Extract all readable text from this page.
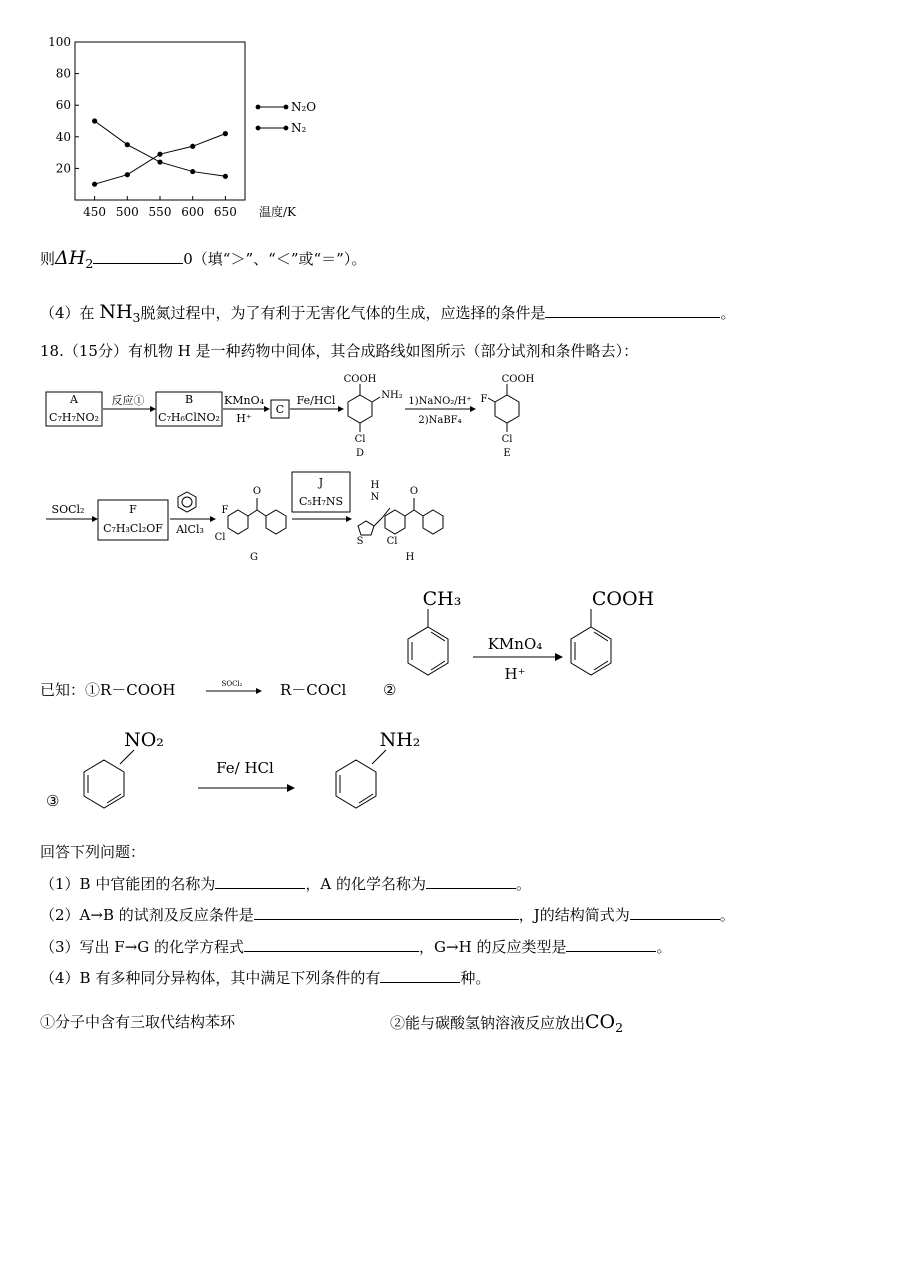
20
40
60
80
100
450 500 550 600 650 温度/K
N₂O
N₂
则$\Delta H_2$	0（填“＞”、“＜”或“＝”）。
（4）在 $NH_3$脱氮过程中，为了有利于无害化气体的生成，应选择的条件是	。
18.（15分）有机物 H 是一种药物中间体，其合成路线如图所示（部分试剂和条件略去）：
A
C₇H₇NO₂
反应①	B
C₇H₆ClNO₂
KMnO₄
H⁺
C
Fe/HCl
COOH
NH₂
Cl
D
1)NaNO₂/H⁺
2)NaBF₄
COOH
F
Cl
E
SOCl₂	F
C₇H₃Cl₂OF AlCl₃
F
O
Cl
G
J
C₅H₇NS
S
H
N
O
Cl
H
已知：①R－COOH	SOCl₂	R－COCl ②
CH₃
KMnO₄
H⁺
COOH
NO₂
③
Fe/ HCl
NH₂
回答下列问题：
（1）B 中官能团的名称为	，A 的化学名称为	。
（2）A→B 的试剂及反应条件是	，J的结构简式为	。
（3）写出 F→G 的化学方程式	，G→H 的反应类型是	。
（4）B 有多种同分异构体，其中满足下列条件的有	种。
①分子中含有三取代结构苯环	②能与碳酸氢钠溶液反应放出$CO_2$
